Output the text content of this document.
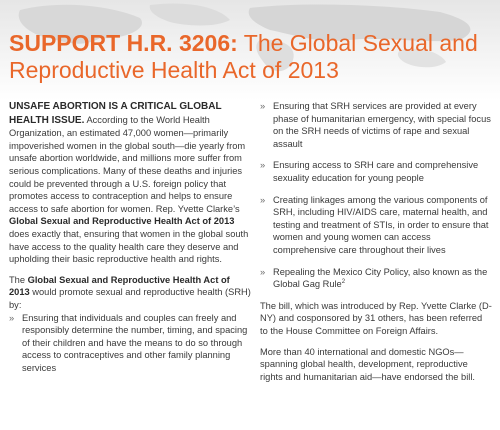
SUPPORT H.R. 3206: The Global Sexual and Reproductive Health Act of 2013

UNSAFE ABORTION IS A CRITICAL GLOBAL HEALTH ISSUE. According to the World Health Organization, an estimated 47,000 women—primarily impoverished women in the global south—die yearly from unsafe abortion worldwide, and millions more suffer from serious complications. Many of these deaths and injuries could be prevented through a U.S. foreign policy that promotes access to contraception and helps to ensure access to safe abortion for women. Rep. Yvette Clarke’s Global Sexual and Reproductive Health Act of 2013 does exactly that, ensuring that women in the global south have access to the quality health care they deserve and upholding their basic reproductive health and rights.

The Global Sexual and Reproductive Health Act of 2013 would promote sexual and reproductive health (SRH) by:

» Ensuring that individuals and couples can freely and responsibly determine the number, timing, and spacing of their children and have the means to do so through access to contraceptives and other family planning services
» Ensuring that SRH services are provided at every phase of humanitarian emergency, with special focus on the SRH needs of victims of rape and sexual assault
» Ensuring access to SRH care and comprehensive sexuality education for young people
» Creating linkages among the various components of SRH, including HIV/AIDS care, maternal health, and testing and treatment of STIs, in order to ensure that women and young women can access comprehensive care throughout their lives
» Repealing the Mexico City Policy, also known as the Global Gag Rule$^2$

The bill, which was introduced by Rep. Yvette Clarke (D-NY) and cosponsored by 31 others, has been referred to the House Committee on Foreign Affairs.

More than 40 international and domestic NGOs—spanning global health, development, reproductive rights and humanitarian aid—have endorsed the bill.
